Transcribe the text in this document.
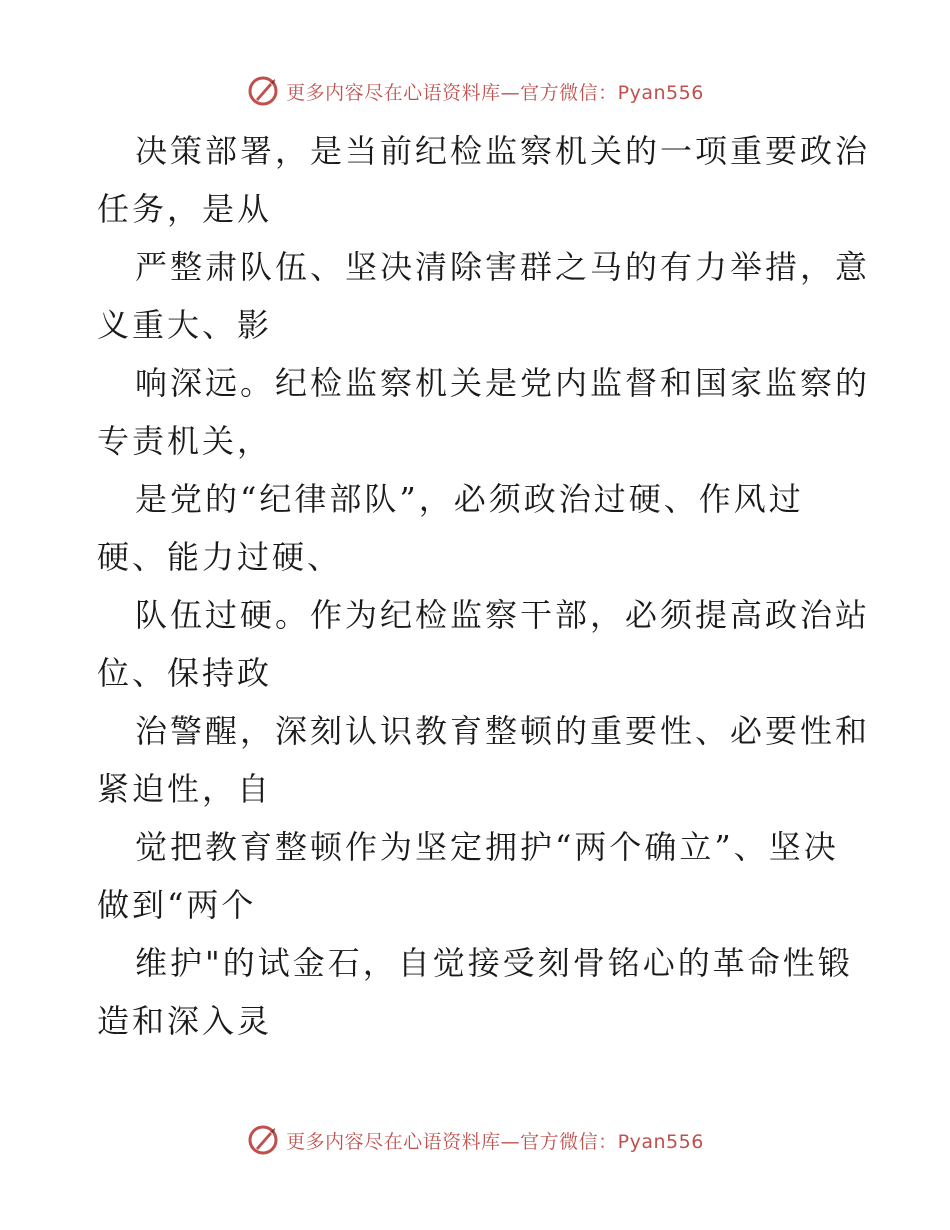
更多内容尽在心语资料库—官方微信：Pyan556

决策部署，是当前纪检监察机关的一项重要政治
任务，是从

严整肃队伍、坚决清除害群之马的有力举措，意
义重大、影

响深远。纪检监察机关是党内监督和国家监察的
专责机关，

是党的“纪律部队”，必须政治过硬、作风过
硬、能力过硬、

队伍过硬。作为纪检监察干部，必须提高政治站
位、保持政

治警醒，深刻认识教育整顿的重要性、必要性和
紧迫性，自

觉把教育整顿作为坚定拥护“两个确立”、坚决
做到“两个

维护"的试金石，自觉接受刻骨铭心的革命性锻
造和深入灵

更多内容尽在心语资料库—官方微信：Pyan556
